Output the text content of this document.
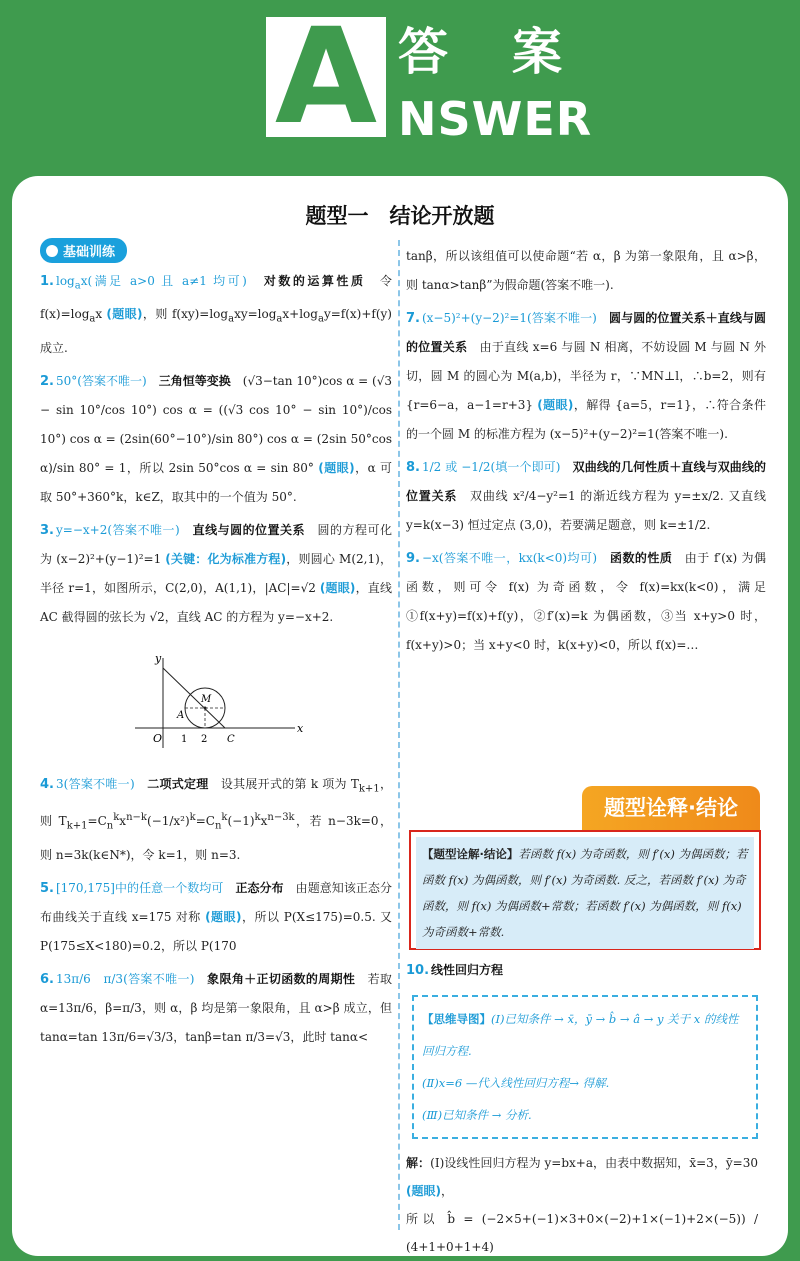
A 答案
NSWER
题型一　结论开放题
基础训练
1. $\log_ax$(满足 a>0 且 a≠1 均可)　 对数的运算性质　 令 $f(x)=\log_ax$ (题眼)，则 $f(xy)=\log_axy=\log_ax+\log_ay=f(x)+f(y)$成立.
2. 50°(答案不唯一)　 三角恒等变换　 (√3−tan 10°)cos α = (√3 − sin 10°/cos 10°) cos α = ((√3 cos 10° − sin 10°)/cos 10°) cos α = (2sin(60°−10°)/sin 80°) cos α = (2sin 50°cos α)/sin 80° = 1，所以 2sin 50°cos α = sin 80° (题眼)，α 可取 50°+360°k，k∈Z，取其中的一个值为 50°.
3. y=−x+2(答案不唯一)　 直线与圆的位置关系　 圆的方程可化为 (x−2)²+(y−1)²=1 (关键：化为标准方程)，则圆心 M(2,1)，半径 r=1，如图所示，C(2,0)，A(1,1)，|AC|=√2 (题眼)，直线 AC 截得圆的弦长为 √2，直线 AC 的方程为 y=−x+2.
y
x
O 1 2
A
C
M
4. 3(答案不唯一)　 二项式定理　 设其展开式的第 k 项为 $T_{k+1}$，则 $T_{k+1}=C_n^kx^{n-k}(-1/x^2)^k=C_n^k(-1)^kx^{n-3k}$，若 n−3k=0，则 n=3k(k∈N*)，令 k=1，则 n=3.
5. [170,175]中的任意一个数均可　 正态分布　 由题意知该正态分布曲线关于直线 x=175 对称 (题眼)，所以 P(X≤175)=0.5. 又 P(175≤X<180)=0.2，所以 P(170
6. 13π/6　π/3(答案不唯一)　 象限角＋正切函数的周期性　 若取 α=13π/6，β=π/3，则 α，β 均是第一象限角，且 α>β 成立，但 tanα=tan 13π/6=√3/3，tanβ=tan π/3=√3，此时 tanα<
tanβ，所以该组值可以使命题“若 α，β 为第一象限角，且 α>β，则 tanα>tanβ”为假命题(答案不唯一).
7. (x−5)²+(y−2)²=1(答案不唯一)　 圆与圆的位置关系＋直线与圆的位置关系　 由于直线 x=6 与圆 N 相离，不妨设圆 M 与圆 N 外切，圆 M 的圆心为 M(a,b)，半径为 r，∵MN⊥l，∴b=2，则有 {r=6−a，a−1=r+3} (题眼)，解得 {a=5，r=1}，∴符合条件的一个圆 M 的标准方程为 (x−5)²+(y−2)²=1(答案不唯一).
8. 1/2 或 −1/2(填一个即可)　 双曲线的几何性质＋直线与双曲线的位置关系　 双曲线 x²/4−y²=1 的渐近线方程为 y=±x/2. 又直线 y=k(x−3) 恒过定点 (3,0)，若要满足题意，则 k=±1/2.
9. −x(答案不唯一，kx(k<0)均可)　 函数的性质　 由于 f′(x) 为偶函数，则可令 f(x) 为奇函数，令 f(x)=kx(k<0)，满足①f(x+y)=f(x)+f(y)，②f′(x)=k 为偶函数，③当 x+y>0 时，f(x+y)>0；当 x+y<0 时，k(x+y)<0，所以 f(x)=…
题型诠释·结论
【题型诠解·结论】若函数 f(x) 为奇函数，则 f′(x) 为偶函数；若函数 f(x) 为偶函数，则 f′(x) 为奇函数. 反之，若函数 f′(x) 为奇函数，则 f(x) 为偶函数+常数；若函数 f′(x) 为偶函数，则 f(x) 为奇函数+常数.
10. 线性回归方程
【思维导图】(Ⅰ)已知条件 → x̄，ȳ → b̂ → â → y 关于 x 的线性回归方程.
(Ⅱ)x=6 —代入线性回归方程→ 得解.
(Ⅲ)已知条件 → 分析.
解：(Ⅰ)设线性回归方程为 y=bx+a，由表中数据知，x̄=3，ȳ=30 (题眼)，
所以 b̂ = (−2×5+(−1)×3+0×(−2)+1×(−1)+2×(−5)) / (4+1+0+1+4)
